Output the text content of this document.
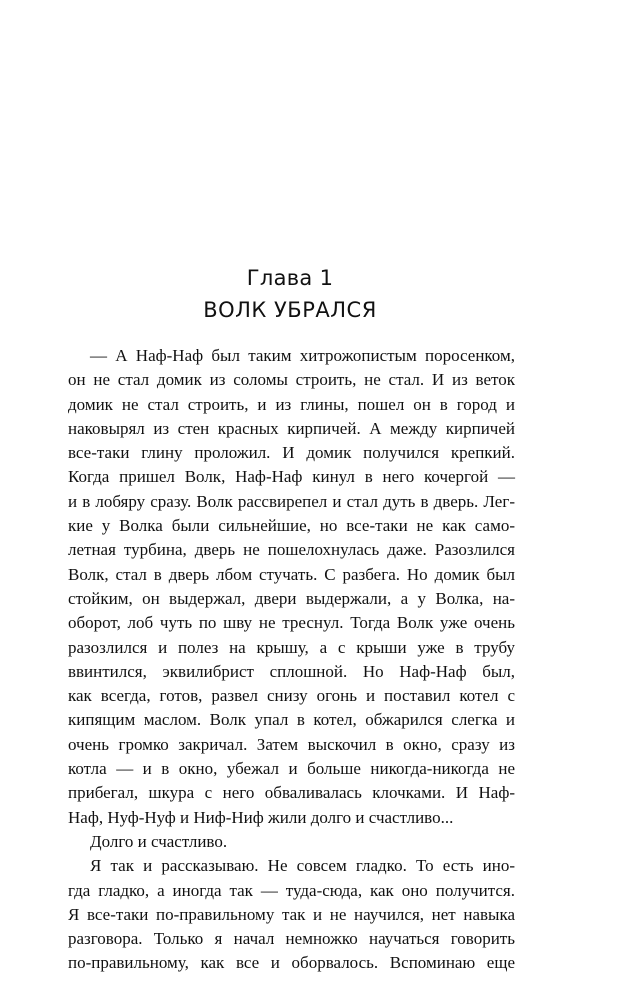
Глава 1
ВОЛК УБРАЛСЯ
— А Наф-Наф был таким хитрожопистым поросенком,
он не стал домик из соломы строить, не стал. И из веток
домик не стал строить, и из глины, пошел он в город и
наковырял из стен красных кирпичей. А между кирпичей
все-таки глину проложил. И домик получился крепкий.
Когда пришел Волк, Наф-Наф кинул в него кочергой —
и в лобяру сразу. Волк рассвирепел и стал дуть в дверь. Лег-
кие у Волка были сильнейшие, но все-таки не как само-
летная турбина, дверь не пошелохнулась даже. Разозлился
Волк, стал в дверь лбом стучать. С разбега. Но домик был
стойким, он выдержал, двери выдержали, а у Волка, на-
оборот, лоб чуть по шву не треснул. Тогда Волк уже очень
разозлился и полез на крышу, а с крыши уже в трубу
ввинтился, эквилибрист сплошной. Но Наф-Наф был,
как всегда, готов, развел снизу огонь и поставил котел с
кипящим маслом. Волк упал в котел, обжарился слегка и
очень громко закричал. Затем выскочил в окно, сразу из
котла — и в окно, убежал и больше никогда-никогда не
прибегал, шкура с него обваливалась клочками. И Наф-
Наф, Нуф-Нуф и Ниф-Ниф жили долго и счастливо...
Долго и счастливо.
Я так и рассказываю. Не совсем гладко. То есть ино-
гда гладко, а иногда так — туда-сюда, как оно получится.
Я все-таки по-правильному так и не научился, нет навыка
разговора. Только я начал немножко научаться говорить
по-правильному, как все и оборвалось. Вспоминаю еще
